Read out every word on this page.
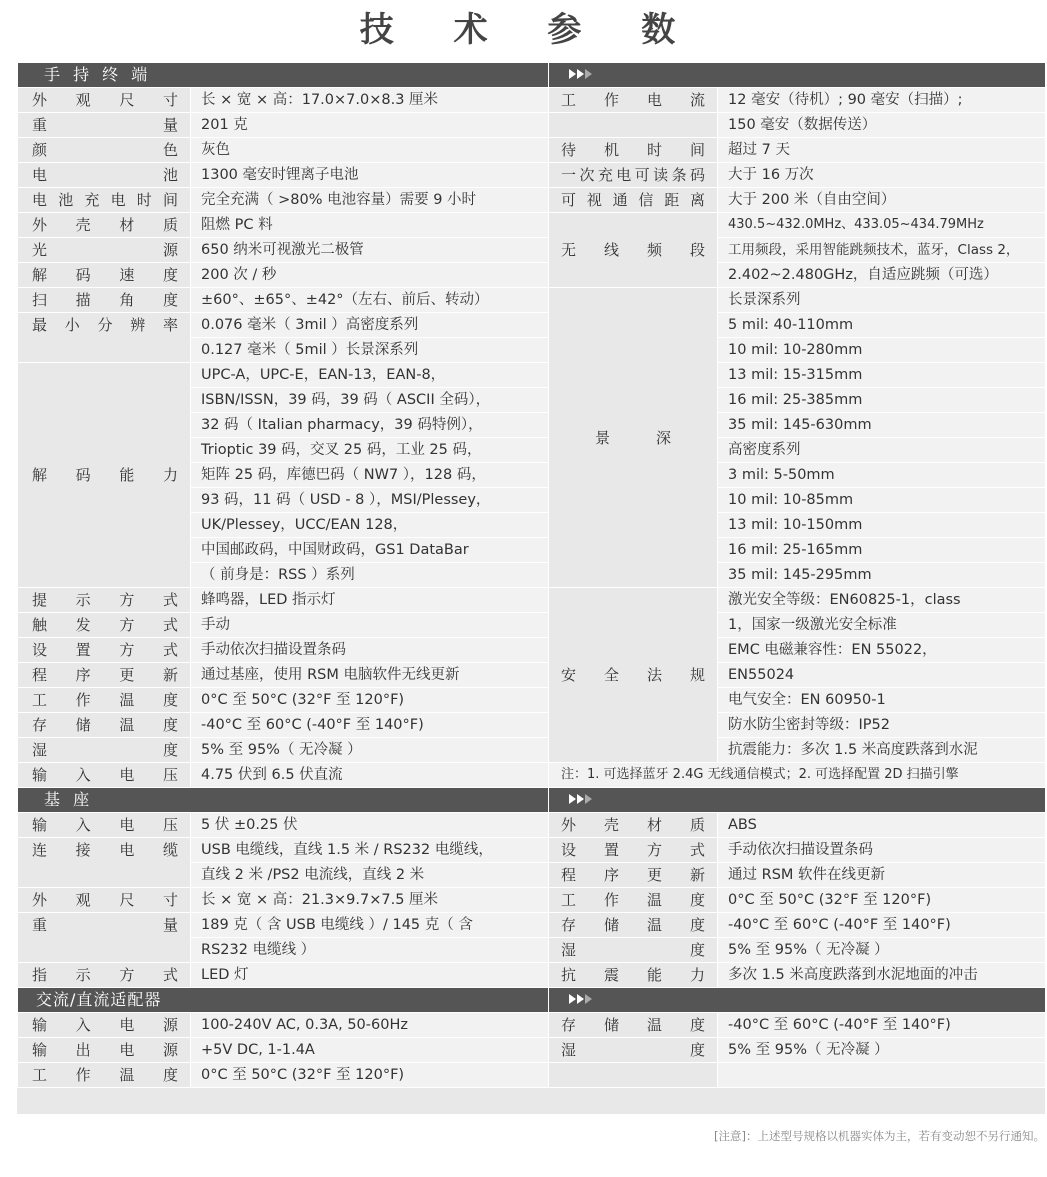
技 术 参 数
手 持 终 端			
外观尺寸	长 × 宽 × 高：17.0×7.0×8.3 厘米	工作电流	12 毫安（待机）; 90 毫安（扫描）;
重量	201 克		150 毫安（数据传送）
颜色	灰色	待机时间	超过 7 天
电池	1300 毫安时锂离子电池	一次充电可读条码	大于 16 万次
电池充电时间	完全充满（ >80% 电池容量）需要 9 小时	可视通信距离	大于 200 米（自由空间）
外壳材质	阻燃 PC 料	无线频段	430.5~432.0MHz、433.05~434.79MHz
光源	650 纳米可视激光二极管		工用频段，采用智能跳频技术，蓝牙，Class 2，
解码速度	200 次 / 秒		2.402~2.480GHz，自适应跳频（可选）
扫描角度	±60°、±65°、±42°（左右、前后、转动）	景深	长景深系列
最小分辨率	0.076 毫米（ 3mil ）高密度系列		5 mil: 40-110mm
	0.127 毫米（ 5mil ）长景深系列		10 mil: 10-280mm
解码能力	UPC-A，UPC-E，EAN-13，EAN-8，		13 mil: 15-315mm
	ISBN/ISSN，39 码，39 码（ ASCII 全码），		16 mil: 25-385mm
	32 码（ Italian pharmacy，39 码特例），		35 mil: 145-630mm
	Trioptic 39 码，交叉 25 码，工业 25 码，		高密度系列
	矩阵 25 码，库德巴码（ NW7 ），128 码，		3 mil: 5-50mm
	93 码，11 码（ USD - 8 ），MSI/Plessey，		10 mil: 10-85mm
	UK/Plessey，UCC/EAN 128，		13 mil: 10-150mm
	中国邮政码，中国财政码，GS1 DataBar		16 mil: 25-165mm
	（ 前身是：RSS ）系列		35 mil: 145-295mm
提示方式	蜂鸣器，LED 指示灯	安全法规	激光安全等级：EN60825-1，class
触发方式	手动		1，国家一级激光安全标准
设置方式	手动依次扫描设置条码		EMC 电磁兼容性：EN 55022，
程序更新	通过基座，使用 RSM 电脑软件无线更新		EN55024
工作温度	0°C 至 50°C (32°F 至 120°F)		电气安全：EN 60950-1
存储温度	-40°C 至 60°C (-40°F 至 140°F)		防水防尘密封等级：IP52
湿度	5% 至 95%（ 无冷凝 ）		抗震能力：多次 1.5 米高度跌落到水泥
输入电压	4.75 伏到 6.5 伏直流	注：1. 可选择蓝牙 2.4G 无线通信模式；2. 可选择配置 2D 扫描引擎	
基 座			
输入电压	5 伏 ±0.25 伏	外壳材质	ABS
连接电缆	USB 电缆线，直线 1.5 米 / RS232 电缆线，	设置方式	手动依次扫描设置条码
	直线 2 米 /PS2 电流线，直线 2 米	程序更新	通过 RSM 软件在线更新
外观尺寸	长 × 宽 × 高：21.3×9.7×7.5 厘米	工作温度	0°C 至 50°C (32°F 至 120°F)
重量	189 克（ 含 USB 电缆线 ）/ 145 克（ 含	存储温度	-40°C 至 60°C (-40°F 至 140°F)
	RS232 电缆线 ）	湿度	5% 至 95%（ 无冷凝 ）
指示方式	LED 灯	抗震能力	多次 1.5 米高度跌落到水泥地面的冲击
交流/直流适配器			
输入电源	100-240V AC, 0.3A, 50-60Hz	存储温度	-40°C 至 60°C (-40°F 至 140°F)
输出电源	+5V DC, 1-1.4A	湿度	5% 至 95%（ 无冷凝 ）
工作温度	0°C 至 50°C (32°F 至 120°F)		
[注意]：上述型号规格以机器实体为主，若有变动恕不另行通知。
